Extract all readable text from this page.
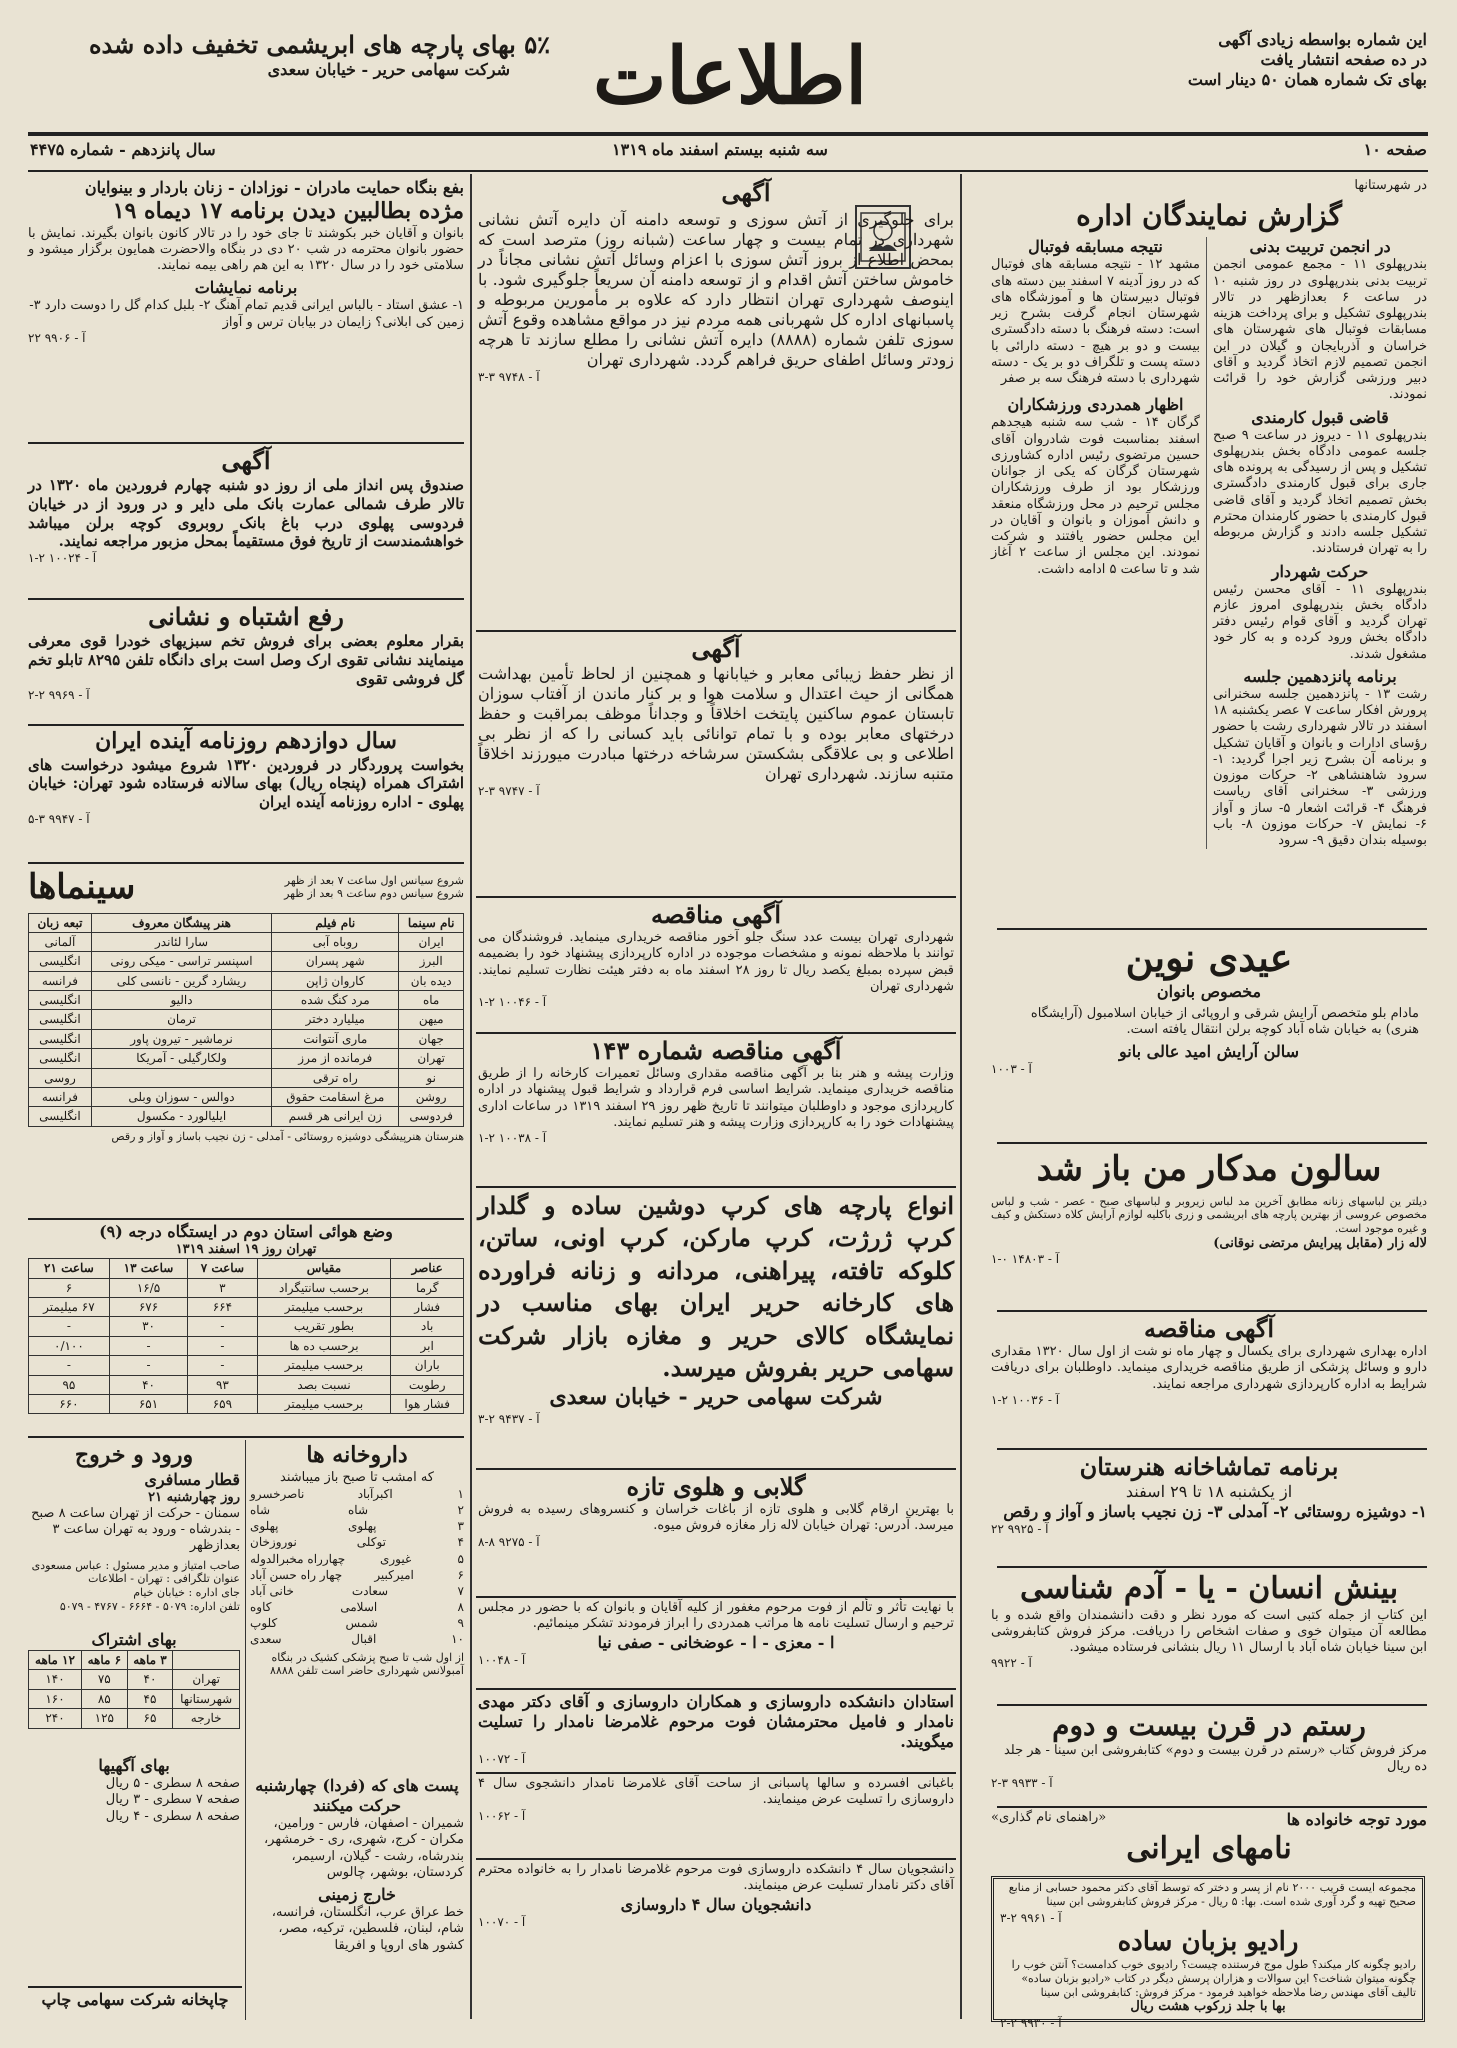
این شماره بواسطه زیادی آگهی
در ده صفحه انتشار یافت
بهای تک شماره همان ۵۰ دینار است
اطلاعات
۵٪ بهای پارچه های ابریشمی تخفیف داده شده
شرکت سهامی حریر - خیابان سعدی
صفحه ۱۰
سه شنبه بیستم اسفند ماه ۱۳۱۹
سال پانزدهم - شماره ۴۴۷۵
در شهرستانها
گزارش نمایندگان اداره
در انجمن تربیت بدنی
بندرپهلوی ۱۱ - مجمع عمومی انجمن تربیت بدنی بندرپهلوی در روز شنبه ۱۰ در ساعت ۶ بعدازظهر در تالار بندرپهلوی تشکیل و برای پرداخت هزینه مسابقات فوتبال های شهرستان های خراسان و آذربایجان و گیلان در این انجمن تصمیم لازم اتخاذ گردید و آقای دبیر ورزشی گزارش خود را قرائت نمودند.
قاضی قبول کارمندی
بندرپهلوی ۱۱ - دیروز در ساعت ۹ صبح جلسه عمومی دادگاه بخش بندرپهلوی تشکیل و پس از رسیدگی به پرونده های جاری برای قبول کارمندی دادگستری بخش تصمیم اتخاذ گردید و آقای قاضی قبول کارمندی با حضور کارمندان محترم تشکیل جلسه دادند و گزارش مربوطه را به تهران فرستادند.
حرکت شهردار
بندرپهلوی ۱۱ - آقای محسن رئیس دادگاه بخش بندرپهلوی امروز عازم تهران گردید و آقای قوام رئیس دفتر دادگاه بخش ورود کرده و به کار خود مشغول شدند.
برنامه پانزدهمین جلسه
رشت ۱۳ - پانزدهمین جلسه سخنرانی پرورش افکار ساعت ۷ عصر یکشنبه ۱۸ اسفند در تالار شهرداری رشت با حضور رؤسای ادارات و بانوان و آقایان تشکیل و برنامه آن بشرح زیر اجرا گردید: ۱- سرود شاهنشاهی ۲- حرکات موزون ورزشی ۳- سخنرانی آقای ریاست فرهنگ ۴- قرائت اشعار ۵- ساز و آواز ۶- نمایش ۷- حرکات موزون ۸- باب بوسیله بندان دقیق ۹- سرود
نتیجه مسابقه فوتبال
مشهد ۱۲ - نتیجه مسابقه های فوتبال که در روز آدینه ۷ اسفند بین دسته های فوتبال دبیرستان ها و آموزشگاه های شهرستان انجام گرفت بشرح زیر است: دسته فرهنگ با دسته دادگستری بیست و دو بر هیچ - دسته دارائی با دسته پست و تلگراف دو بر یک - دسته شهرداری با دسته فرهنگ سه بر صفر
اظهار همدردی ورزشکاران
گرگان ۱۴ - شب سه شنبه هیجدهم اسفند بمناسبت فوت شادروان آقای حسین مرتضوی رئیس اداره کشاورزی شهرستان گرگان که یکی از جوانان ورزشکار بود از طرف ورزشکاران مجلس ترحیم در محل ورزشگاه منعقد و دانش آموزان و بانوان و آقایان در این مجلس حضور یافتند و شرکت نمودند. این مجلس از ساعت ۲ آغاز شد و تا ساعت ۵ ادامه داشت.
عیدی نوین
مخصوص بانوان
مادام بلو متخصص آرایش شرقی و اروپائی از خیابان اسلامبول (آرایشگاه هنری) به خیابان شاه آباد کوچه برلن انتقال یافته است.
سالن آرایش امید عالی بانو
آ - ۱۰۰۳
سالون مدکار من باز شد
دیلتر ین لباسهای زنانه مطابق آخرین مد لباس زیروبر و لباسهای صبح - عصر - شب و لباس مخصوص عروسی از بهترین پارچه های ابریشمی و زری باکلیه لوازم آرایش کلاه دستکش و کیف و غیره موجود است.
لاله زار (مقابل پیرایش مرتضی نوقانی)
آ - ۱۴۸۰۳ ۰-۱
آگهی مناقصه
اداره بهداری شهرداری برای یکسال و چهار ماه نو شت از اول سال ۱۳۲۰ مقداری دارو و وسائل پزشکی از طریق مناقصه خریداری مینماید. داوطلبان برای دریافت شرایط به اداره کارپردازی شهرداری مراجعه نمایند.
آ - ۱۰۰۳۶ ۲-۱
برنامه تماشاخانه هنرستان
از یکشنبه ۱۸ تا ۲۹ اسفند
۱- دوشیزه روستائی ۲- آمدلی ۳- زن نجیب باساز و آواز و رقص
آ - ۹۹۲۵ ۲۲
بینش انسان - یا - آدم شناسی
این کتاب از جمله کتبی است که مورد نظر و دقت دانشمندان واقع شده و با مطالعه آن میتوان خوی و صفات اشخاص را دریافت. مرکز فروش کتابفروشی ابن سینا خیابان شاه آباد با ارسال ۱۱ ریال بنشانی فرستاده میشود.
آ - ۹۹۲۲
رستم در قرن بیست و دوم
مرکز فروش کتاب «رستم در قرن بیست و دوم» کتابفروشی ابن سینا - هر جلد ده ریال
آ - ۹۹۳۳ ۳-۲
مورد توجه خانواده ها
«راهنمای نام گذاری»
نامهای ایرانی
مجموعه ایست قریب ۲۰۰۰ نام از پسر و دختر که توسط آقای دکتر محمود حسابی از منابع صحیح تهیه و گرد آوری شده است. بها: ۵ ریال - مرکز فروش کتابفروشی ابن سینا
آ - ۹۹۶۱ ۲-۳
رادیو بزبان ساده
رادیو چگونه کار میکند؟ طول موج فرستنده چیست؟ رادیوی خوب کدامست؟ آنتن خوب را چگونه میتوان شناخت؟ این سوالات و هزاران پرسش دیگر در کتاب «رادیو بزبان ساده» تالیف آقای مهندس رضا ملاحظه خواهید فرمود - مرکز فروش: کتابفروشی ابن سینا
بها با جلد زرکوب هشت ریال
آ - ۹۹۳۰ ۲-۲
آگهی
برای جلوگیری از آتش سوزی و توسعه دامنه آن دایره آتش نشانی شهرداری در تمام بیست و چهار ساعت (شبانه روز) مترصد است که بمحض اطلاع از بروز آتش سوزی با اعزام وسائل آتش نشانی مجاناً در خاموش ساختن آتش اقدام و از توسعه دامنه آن سریعاً جلوگیری شود. با اینوصف شهرداری تهران انتظار دارد که علاوه بر مأمورین مربوطه و پاسبانهای اداره کل شهربانی همه مردم نیز در مواقع مشاهده وقوع آتش سوزی تلفن شماره (۸۸۸۸) دایره آتش نشانی را مطلع سازند تا هرچه زودتر وسائل اطفای حریق فراهم گردد. شهرداری تهران
آ - ۹۷۴۸ ۳-۳
آگهی
از نظر حفظ زیبائی معابر و خیابانها و همچنین از لحاظ تأمین بهداشت همگانی از حیث اعتدال و سلامت هوا و بر کنار ماندن از آفتاب سوزان تابستان عموم ساکنین پایتخت اخلاقاً و وجداناً موظف بمراقبت و حفظ درختهای معابر بوده و با تمام توانائی باید کسانی را که از نظر بی اطلاعی و بی علاقگی بشکستن سرشاخه درختها مبادرت میورزند اخلاقاً متنبه سازند. شهرداری تهران
آ - ۹۷۴۷ ۳-۲
آگهی مناقصه
شهرداری تهران بیست عدد سنگ جلو آخور مناقصه خریداری مینماید. فروشندگان می توانند با ملاحظه نمونه و مشخصات موجوده در اداره کارپردازی پیشنهاد خود را بضمیمه قبض سپرده بمبلغ یکصد ریال تا روز ۲۸ اسفند ماه به دفتر هیئت نظارت تسلیم نمایند. شهرداری تهران
آ - ۱۰۰۴۶ ۲-۱
آگهی مناقصه شماره ۱۴۳
وزارت پیشه و هنر بنا بر آگهی مناقصه مقداری وسائل تعمیرات کارخانه را از طریق مناقصه خریداری مینماید. شرایط اساسی فرم قرارداد و شرایط قبول پیشنهاد در اداره کارپردازی موجود و داوطلبان میتوانند تا تاریخ ظهر روز ۲۹ اسفند ۱۳۱۹ در ساعات اداری پیشنهادات خود را به کارپردازی وزارت پیشه و هنر تسلیم نمایند.
آ - ۱۰۰۳۸ ۲-۱
انواع پارچه های کرپ دوشین ساده و گلدار کرپ ژرژت، کرپ مارکن، کرپ اونی، ساتن، کلوکه تافته، پیراهنی، مردانه و زنانه فراورده های کارخانه حریر ایران بهای مناسب در نمایشگاه کالای حریر و مغازه بازار شرکت سهامی حریر بفروش میرسد.
شرکت سهامی حریر - خیابان سعدی
آ - ۹۴۳۷ ۲-۳
گلابی و هلوی تازه
با بهترین ارقام گلابی و هلوی تازه از باغات خراسان و کنسروهای رسیده به فروش میرسد. آدرس: تهران خیابان لاله زار مغازه فروش میوه.
آ - ۹۲۷۵ ۸-۸
با نهایت تأثر و تألم از فوت مرحوم مغفور از کلیه آقایان و بانوان که با حضور در مجلس ترحیم و ارسال تسلیت نامه ها مراتب همدردی را ابراز فرمودند تشکر مینمائیم.
ا - معزی - ا - عوضخانی - صفی نیا
آ - ۱۰۰۴۸
استادان دانشکده داروسازی و همکاران داروسازی و آقای دکتر مهدی نامدار و فامیل محترمشان فوت مرحوم غلامرضا نامدار را تسلیت میگویند.
آ - ۱۰۰۷۲
باغبانی افسرده و سالها پاسبانی از ساحت آقای غلامرضا نامدار دانشجوی سال ۴ داروسازی را تسلیت عرض مینمایند.
آ - ۱۰۰۶۲
دانشجویان سال ۴ دانشکده داروسازی فوت مرحوم غلامرضا نامدار را به خانواده محترم آقای دکتر نامدار تسلیت عرض مینمایند.
دانشجویان سال ۴ داروسازی
آ - ۱۰۰۷۰
بفع بنگاه حمایت مادران - نوزادان - زنان باردار و بینوایان
مژده بطالبین دیدن برنامه ۱۷ دیماه ۱۹
بانوان و آقایان خبر بکوشند تا جای خود را در تالار کانون بانوان بگیرند. نمایش با حضور بانوان محترمه در شب ۲۰ دی در بنگاه والاحضرت همایون برگزار میشود و سلامتی خود را در سال ۱۳۲۰ به این هم راهی بیمه نمایند.
برنامه نمایشات
۱- عشق استاد - بالباس ایرانی قدیم تمام آهنگ ۲- بلبل کدام گل را دوست دارد ۳- زمین کی ابلانی؟ زایمان در بیابان ترس و آواز
آ - ۹۹۰۶ ۲۲
آگهی
صندوق پس انداز ملی از روز دو شنبه چهارم فروردین ماه ۱۳۲۰ در تالار طرف شمالی عمارت بانک ملی دایر و در ورود از در خیابان فردوسی پهلوی درب باغ بانک روبروی کوچه برلن میباشد خواهشمندست از تاریخ فوق مستقیماً بمحل مزبور مراجعه نمایند.
آ - ۱۰۰۲۴ ۲-۱
رفع اشتباه و نشانی
بقرار معلوم بعضی برای فروش تخم سبزیهای خودرا قوی معرفی مینمایند نشانی تقوی ارک وصل است برای دانگاه تلفن ۸۲۹۵ تابلو تخم گل فروشی تقوی
آ - ۹۹۶۹ ۲-۲
سال دوازدهم روزنامه آینده ایران
بخواست پروردگار در فروردین ۱۳۲۰ شروع میشود درخواست های اشتراک همراه (پنجاه ریال) بهای سالانه فرستاده شود تهران: خیابان پهلوی - اداره روزنامه آینده ایران
آ - ۹۹۴۷ ۳-۵
شروع سیانس اول ساعت ۷ بعد از ظهر
شروع سیانس دوم ساعت ۹ بعد از ظهر
سینماها
نام سینما	نام فیلم	هنر پیشگان معروف	تبعه زبان
ایران	روباه آبی	سارا لئاندر	آلمانی
البرز	شهر پسران	اسپنسر تراسی - میکی رونی	انگلیسی
دیده بان	کاروان ژاپن	ریشارد گرین - نانسی کلی	فرانسه
ماه	مرد کنگ شده	دالیو	انگلیسی
میهن	میلیارد دختر	ترمان	انگلیسی
جهان	ماری آنتوانت	نرماشیر - تیرون پاور	انگلیسی
تهران	فرمانده از مرز	ولکارگیلی - آمریکا	انگلیسی
نو	راه ترقی		روسی
روشن	مرغ اسقامت حقوق	دوالس - سوزان وبلی	فرانسه
فردوسی	زن ایرانی هر قسم	ایلیالورد - مکسول	انگلیسی
هنرستان هنرپیشگی دوشیزه روستائی - آمدلی - زن نجیب باساز و آواز و رقص
وضع هوائی استان دوم در ایستگاه درجه (۹)
تهران روز ۱۹ اسفند ۱۳۱۹
عناصر	مقیاس	ساعت ۷	ساعت ۱۳	ساعت ۲۱
گرما	برحسب سانتیگراد	۳	۱۶/۵	۶
فشار	برحسب میلیمتر	۶۶۴	۶۷۶	۶۷ میلیمتر
باد	بطور تقریب	-	۳۰	-
ابر	برحسب ده ها	-	-	۰/۱۰۰
باران	برحسب میلیمتر	-	-	-
رطوبت	نسبت بصد	۹۳	۴۰	۹۵
فشار هوا	برحسب میلیمتر	۶۵۹	۶۵۱	۶۶۰
داروخانه ها
که امشب تا صبح باز میباشند
۱
اکبرآباد
ناصرخسرو
۲
شاه
شاه
۳
پهلوی
پهلوی
۴
توکلی
نوروزخان
۵
غیوری
چهارراه مخبرالدوله
۶
امیرکبیر
چهار راه حسن آباد
۷
سعادت
خانی آباد
۸
اسلامی
کاوه
۹
شمس
کلوپ
۱۰
اقبال
سعدی
از اول شب تا صبح پزشکی کشیک در بنگاه آمبولانس شهرداری حاضر است تلفن ۸۸۸۸
پست های که (فردا) چهارشنبه حرکت میکنند
شمیران - اصفهان، فارس - ورامین، مکران - کرج، شهری، ری - خرمشهر، بندرشاه، رشت - گیلان، ارسیمر، کردستان، بوشهر، چالوس
خارج زمینی
خط عراق عرب، انگلستان، فرانسه، شام، لبنان، فلسطین، ترکیه، مصر، کشور های اروپا و افریقا
ورود و خروج
قطار مسافری
روز چهارشنبه ۲۱
سمنان - حرکت از تهران ساعت ۸ صبح - بندرشاه - ورود به تهران ساعت ۳ بعدازظهر
صاحب امتیاز و مدیر مسئول : عباس مسعودی
عنوان تلگرافی : تهران - اطلاعات
جای اداره : خیابان خیام
تلفن اداره: ۵۰۷۹ - ۶۶۶۴ - ۴۷۶۷ - ۵۰۷۹
بهای اشتراک
	۳ ماهه	۶ ماهه	۱۲ ماهه
تهران	۴۰	۷۵	۱۴۰
شهرستانها	۴۵	۸۵	۱۶۰
خارجه	۶۵	۱۲۵	۲۴۰
بهای آگهیها
صفحه ۸ سطری - ۵ ریال
صفحه ۷ سطری - ۳ ریال
صفحه ۸ سطری - ۴ ریال
چاپخانه شرکت سهامی چاپ
